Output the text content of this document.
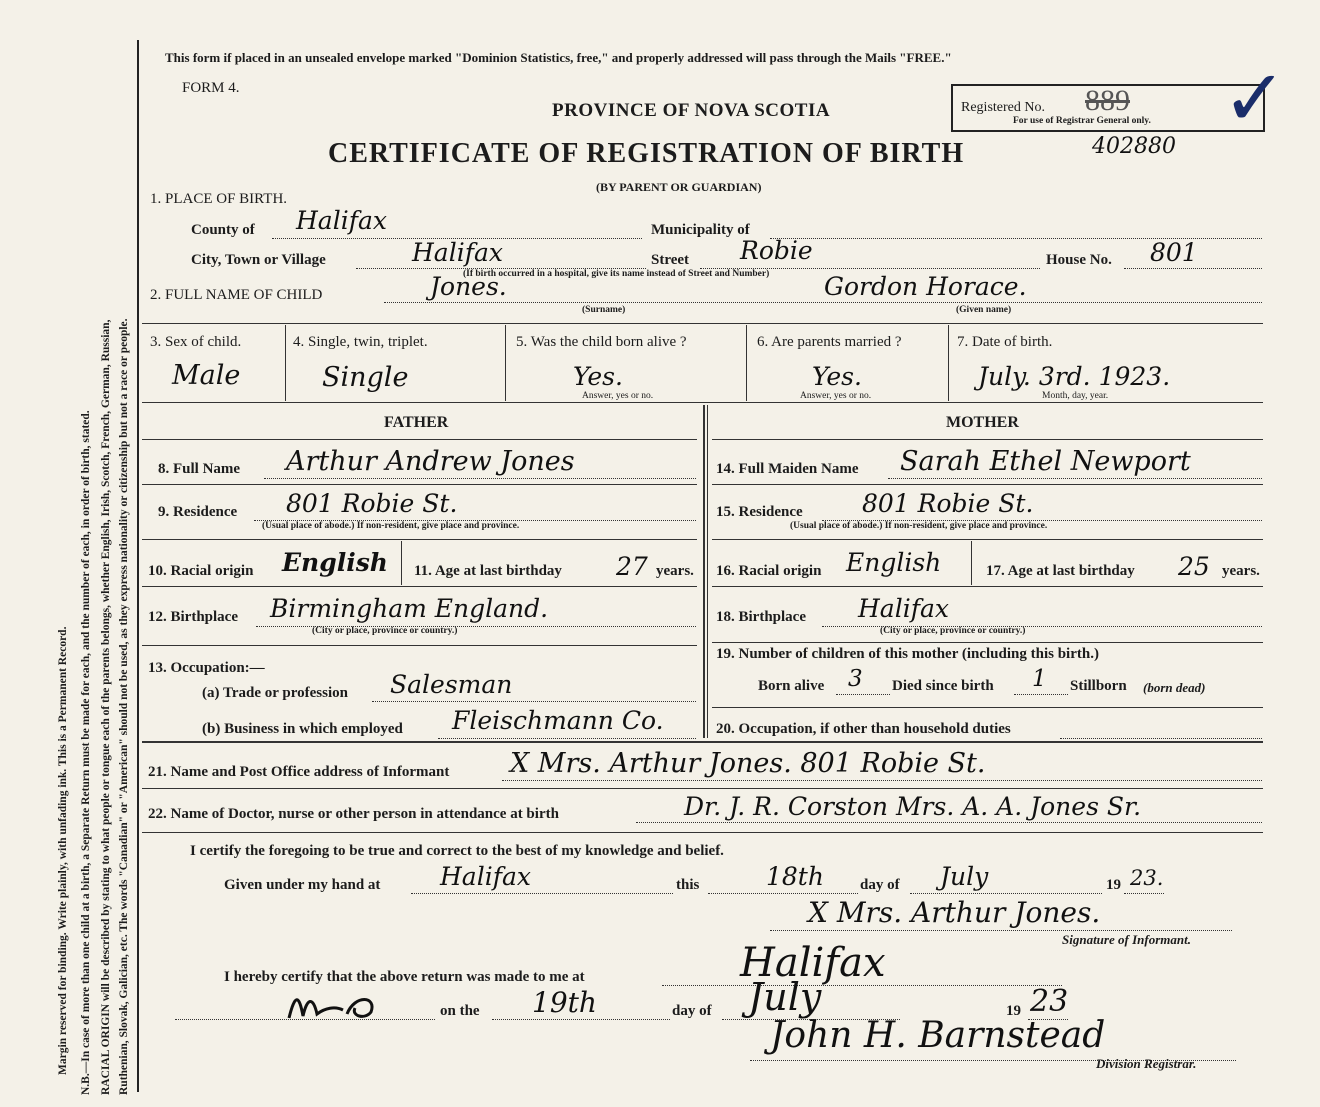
Margin reserved for binding. Write plainly, with unfading ink. This is a Permanent Record. N.B.—In case of more than one child at a birth, a Separate Return must be made for each, and the number of each, in order of birth, stated. RACIAL ORIGIN will be described by stating to what people or tongue each of the parents belongs, whether English, Irish, Scotch, French, German, Russian, Ruthenian, Slovak, Galician, etc. The words "Canadian" or "American" should not be used, as they express nationality or citizenship but not a race or people.
This form if placed in an unsealed envelope marked "Dominion Statistics, free," and properly addressed will pass through the Mails "FREE."
FORM 4.
PROVINCE OF NOVA SCOTIA
CERTIFICATE OF REGISTRATION OF BIRTH	402880
(BY PARENT OR GUARDIAN)
Registered No. 889
For use of Registrar General only. ✓
1. PLACE OF BIRTH.
County of Halifax	Municipality of
City, Town or Village	Halifax	Street Robie	House No. 801
(If birth occurred in a hospital, give its name instead of Street and Number)
2. FULL NAME OF CHILD	Jones.	Gordon Horace.
(Surname)	(Given name)
3. Sex of child.
Male
4. Single, twin, triplet.
Single
5. Was the child born alive ?
Yes.
Answer, yes or no.
6. Are parents married ?
Yes.
Answer, yes or no.
7. Date of birth.
July. 3rd. 1923.
Month, day, year.
FATHER	MOTHER
8. Full Name Arthur Andrew Jones
9. Residence 801 Robie St.
(Usual place of abode.) If non-resident, give place and province.
10. Racial origin English 11. Age at last birthday 27 years.
12. Birthplace Birmingham England.
(City or place, province or country.)
13. Occupation:—
(a) Trade or profession Salesman
(b) Business in which employed Fleischmann Co.
14. Full Maiden Name Sarah Ethel Newport
15. Residence 801 Robie St.
(Usual place of abode.) If non-resident, give place and province.
16. Racial origin English	17. Age at last birthday 25 years.
18. Birthplace Halifax
(City or place, province or country.)
19. Number of children of this mother (including this birth.)
Born alive 3 Died since birth 1 Stillborn (born dead)
20. Occupation, if other than household duties
21. Name and Post Office address of Informant X Mrs. Arthur Jones. 801 Robie St.
22. Name of Doctor, nurse or other person in attendance at birth	Dr. J. R. Corston Mrs. A. A. Jones Sr.
I certify the foregoing to be true and correct to the best of my knowledge and belief.
Given under my hand at Halifax	this	18th day of July	19 23.
X Mrs. Arthur Jones.
Signature of Informant.
I hereby certify that the above return was made to me at	Halifax
on the 19th	day of July	19 23
John H. Barnstead
Division Registrar.
